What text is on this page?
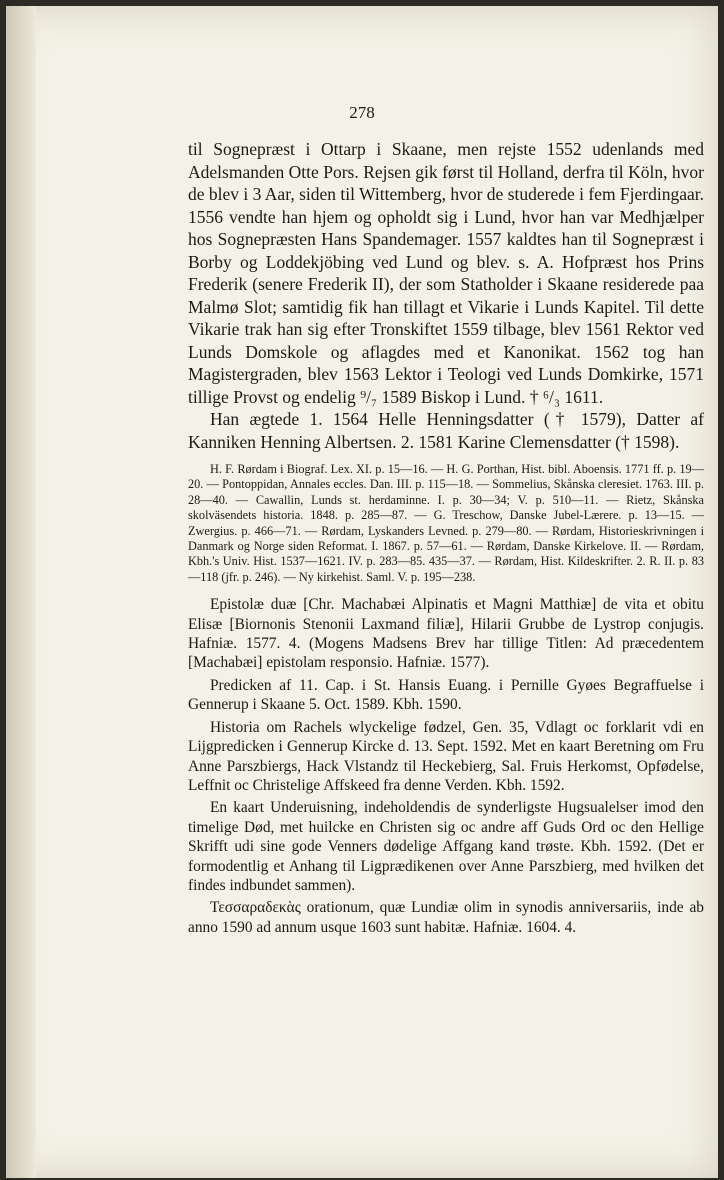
278

til Sognepræst i Ottarp i Skaane, men rejste 1552 udenlands med Adelsmanden Otte Pors. Rejsen gik først til Holland, derfra til Köln, hvor de blev i 3 Aar, siden til Wittemberg, hvor de studerede i fem Fjerdingaar. 1556 vendte han hjem og opholdt sig i Lund, hvor han var Medhjælper hos Sognepræsten Hans Spandemager. 1557 kaldtes han til Sognepræst i Borby og Loddekjöbing ved Lund og blev. s. A. Hofpræst hos Prins Frederik (senere Frederik II), der som Statholder i Skaane residerede paa Malmø Slot; samtidig fik han tillagt et Vikarie i Lunds Kapitel. Til dette Vikarie trak han sig efter Tronskiftet 1559 tilbage, blev 1561 Rektor ved Lunds Domskole og aflagdes med et Kanonikat. 1562 tog han Magistergraden, blev 1563 Lektor i Teologi ved Lunds Domkirke, 1571 tillige Provst og endelig ⁹/₇ 1589 Biskop i Lund. † ⁶/₃ 1611.

Han ægtede 1. 1564 Helle Henningsdatter († 1579), Datter af Kanniken Henning Albertsen. 2. 1581 Karine Clemensdatter († 1598).

H. F. Rørdam i Biograf. Lex. XI. p. 15—16. — H. G. Porthan, Hist. bibl. Aboensis. 1771 ff. p. 19—20. — Pontoppidan, Annales eccles. Dan. III. p. 115—18. — Sommelius, Skånska cleresiet. 1763. III. p. 28—40. — Cawallin, Lunds st. herdaminne. I. p. 30—34; V. p. 510—11. — Rietz, Skånska skolväsendets historia. 1848. p. 285—87. — G. Treschow, Danske Jubel-Lærere. p. 13—15. — Zwergius. p. 466—71. — Rørdam, Lyskanders Levned. p. 279—80. — Rørdam, Historieskrivningen i Danmark og Norge siden Reformat. I. 1867. p. 57—61. — Rørdam, Danske Kirkelove. II. — Rørdam, Kbh.'s Univ. Hist. 1537—1621. IV. p. 283—85. 435—37. — Rørdam, Hist. Kildeskrifter. 2. R. II. p. 83—118 (jfr. p. 246). — Ny kirkehist. Saml. V. p. 195—238.

Epistolæ duæ [Chr. Machabæi Alpinatis et Magni Matthiæ] de vita et obitu Elisæ [Biornonis Stenonii Laxmand filiæ], Hilarii Grubbe de Lystrop conjugis. Hafniæ. 1577. 4. (Mogens Madsens Brev har tillige Titlen: Ad præcedentem [Machabæi] epistolam responsio. Hafniæ. 1577).

Predicken af 11. Cap. i St. Hansis Euang. i Pernille Gyøes Begraffuelse i Gennerup i Skaane 5. Oct. 1589. Kbh. 1590.

Historia om Rachels wlyckelige fødzel, Gen. 35, Vdlagt oc forklarit vdi en Lijgpredicken i Gennerup Kircke d. 13. Sept. 1592. Met en kaart Beretning om Fru Anne Parszbiergs, Hack Vlstandz til Heckebierg, Sal. Fruis Herkomst, Opfødelse, Leffnit oc Christelige Affskeed fra denne Verden. Kbh. 1592.

En kaart Underuisning, indeholdendis de synderligste Hugsualelser imod den timelige Død, met huilcke en Christen sig oc andre aff Guds Ord oc den Hellige Skrifft udi sine gode Venners dødelige Affgang kand trøste. Kbh. 1592. (Det er formodentlig et Anhang til Ligprædikenen over Anne Parszbierg, med hvilken det findes indbundet sammen).

Τεσσαραδεκὰς orationum, quæ Lundiæ olim in synodis anniversariis, inde ab anno 1590 ad annum usque 1603 sunt habitæ. Hafniæ. 1604. 4.
